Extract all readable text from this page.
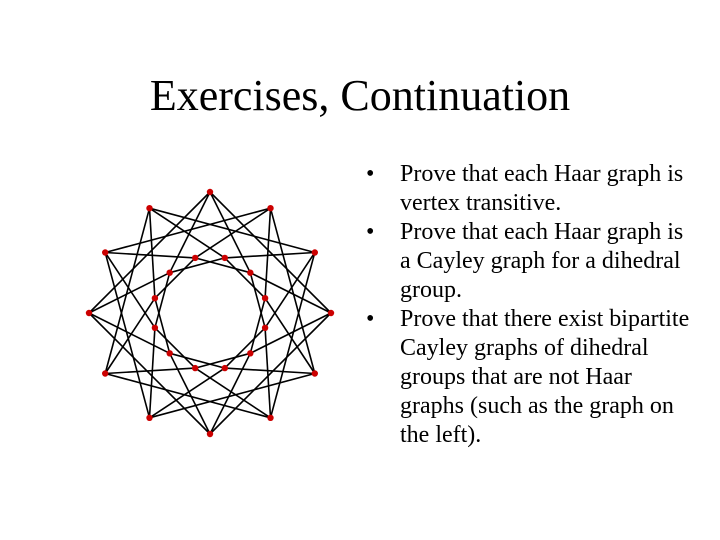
Exercises, Continuation
• Prove that each Haar graph is vertex transitive.
• Prove that each Haar graph is a Cayley graph for a dihedral group.
• Prove that there exist bipartite Cayley graphs of dihedral groups that are not Haar graphs (such as the graph on the left).
